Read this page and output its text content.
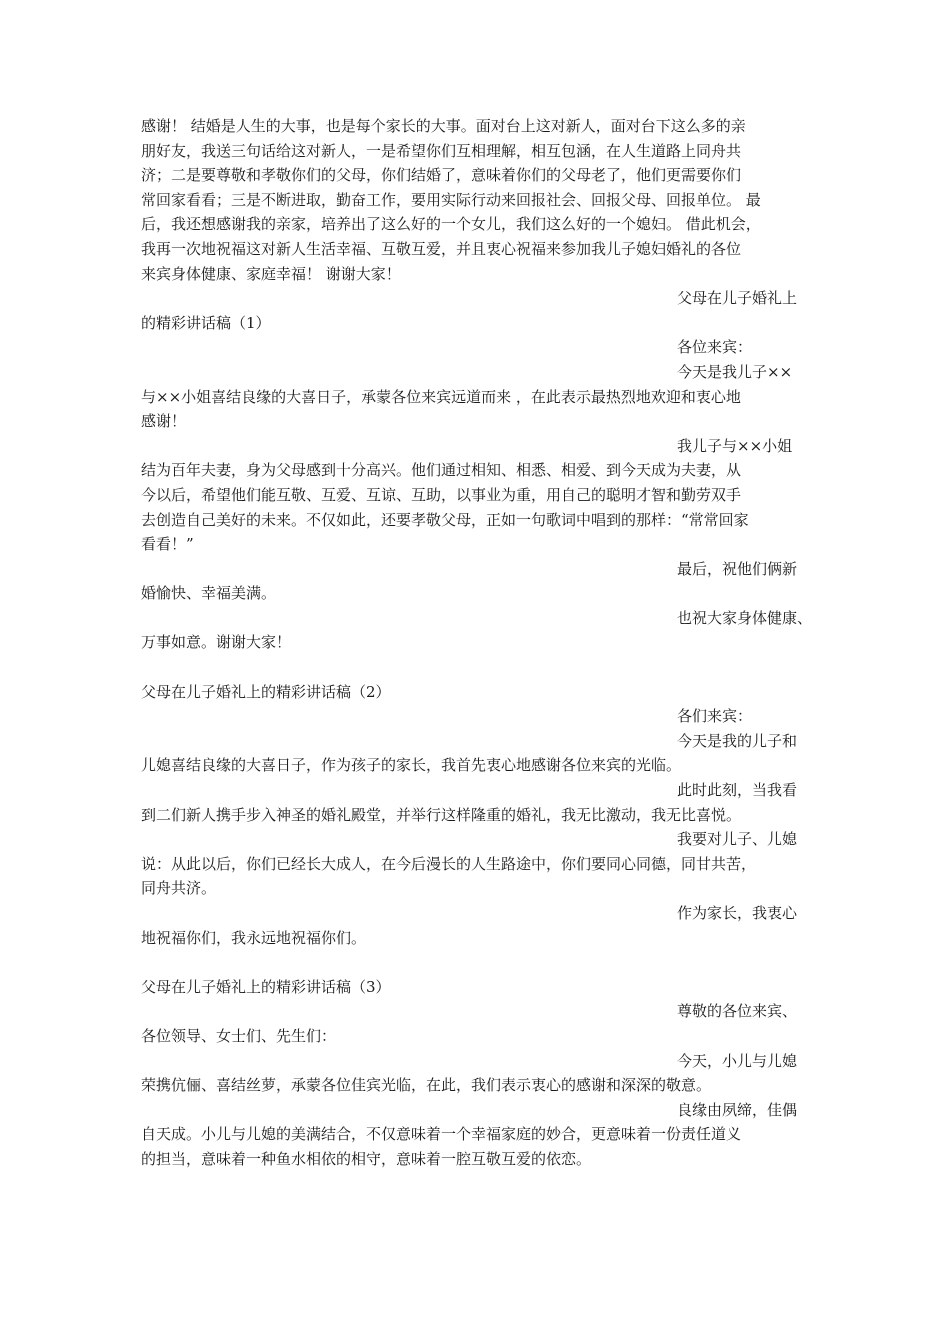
感谢！ 结婚是人生的大事，也是每个家长的大事。面对台上这对新人，面对台下这么多的亲
朋好友，我送三句话给这对新人，一是希望你们互相理解，相互包涵，在人生道路上同舟共
济；二是要尊敬和孝敬你们的父母，你们结婚了，意味着你们的父母老了，他们更需要你们
常回家看看；三是不断进取，勤奋工作，要用实际行动来回报社会、回报父母、回报单位。 最
后，我还想感谢我的亲家，培养出了这么好的一个女儿，我们这么好的一个媳妇。 借此机会，
我再一次地祝福这对新人生活幸福、互敬互爱，并且衷心祝福来参加我儿子媳妇婚礼的各位
来宾身体健康、家庭幸福！ 谢谢大家！
父母在儿子婚礼上
的精彩讲话稿（1）
各位来宾：
今天是我儿子××
与××小姐喜结良缘的大喜日子，承蒙各位来宾远道而来 ，在此表示最热烈地欢迎和衷心地
感谢！
我儿子与××小姐
结为百年夫妻，身为父母感到十分高兴。他们通过相知、相悉、相爱、到今天成为夫妻，从
今以后，希望他们能互敬、互爱、互谅、互助，以事业为重，用自己的聪明才智和勤劳双手
去创造自己美好的未来。不仅如此，还要孝敬父母，正如一句歌词中唱到的那样：“常常回家
看看！”
最后，祝他们俩新
婚愉快、幸福美满。
也祝大家身体健康、
万事如意。谢谢大家！
父母在儿子婚礼上的精彩讲话稿（2）
各们来宾：
今天是我的儿子和
儿媳喜结良缘的大喜日子，作为孩子的家长，我首先衷心地感谢各位来宾的光临。
此时此刻，当我看
到二们新人携手步入神圣的婚礼殿堂，并举行这样隆重的婚礼，我无比激动，我无比喜悦。
我要对儿子、儿媳
说：从此以后，你们已经长大成人，在今后漫长的人生路途中，你们要同心同德，同甘共苦，
同舟共济。
作为家长，我衷心
地祝福你们，我永远地祝福你们。
父母在儿子婚礼上的精彩讲话稿（3）
尊敬的各位来宾、
各位领导、女士们、先生们：
今天，小儿与儿媳
荣携伉俪、喜结丝萝，承蒙各位佳宾光临，在此，我们表示衷心的感谢和深深的敬意。
良缘由夙缔，佳偶
自天成。小儿与儿媳的美满结合，不仅意味着一个幸福家庭的妙合，更意味着一份责任道义
的担当，意味着一种鱼水相依的相守，意味着一腔互敬互爱的依恋。
